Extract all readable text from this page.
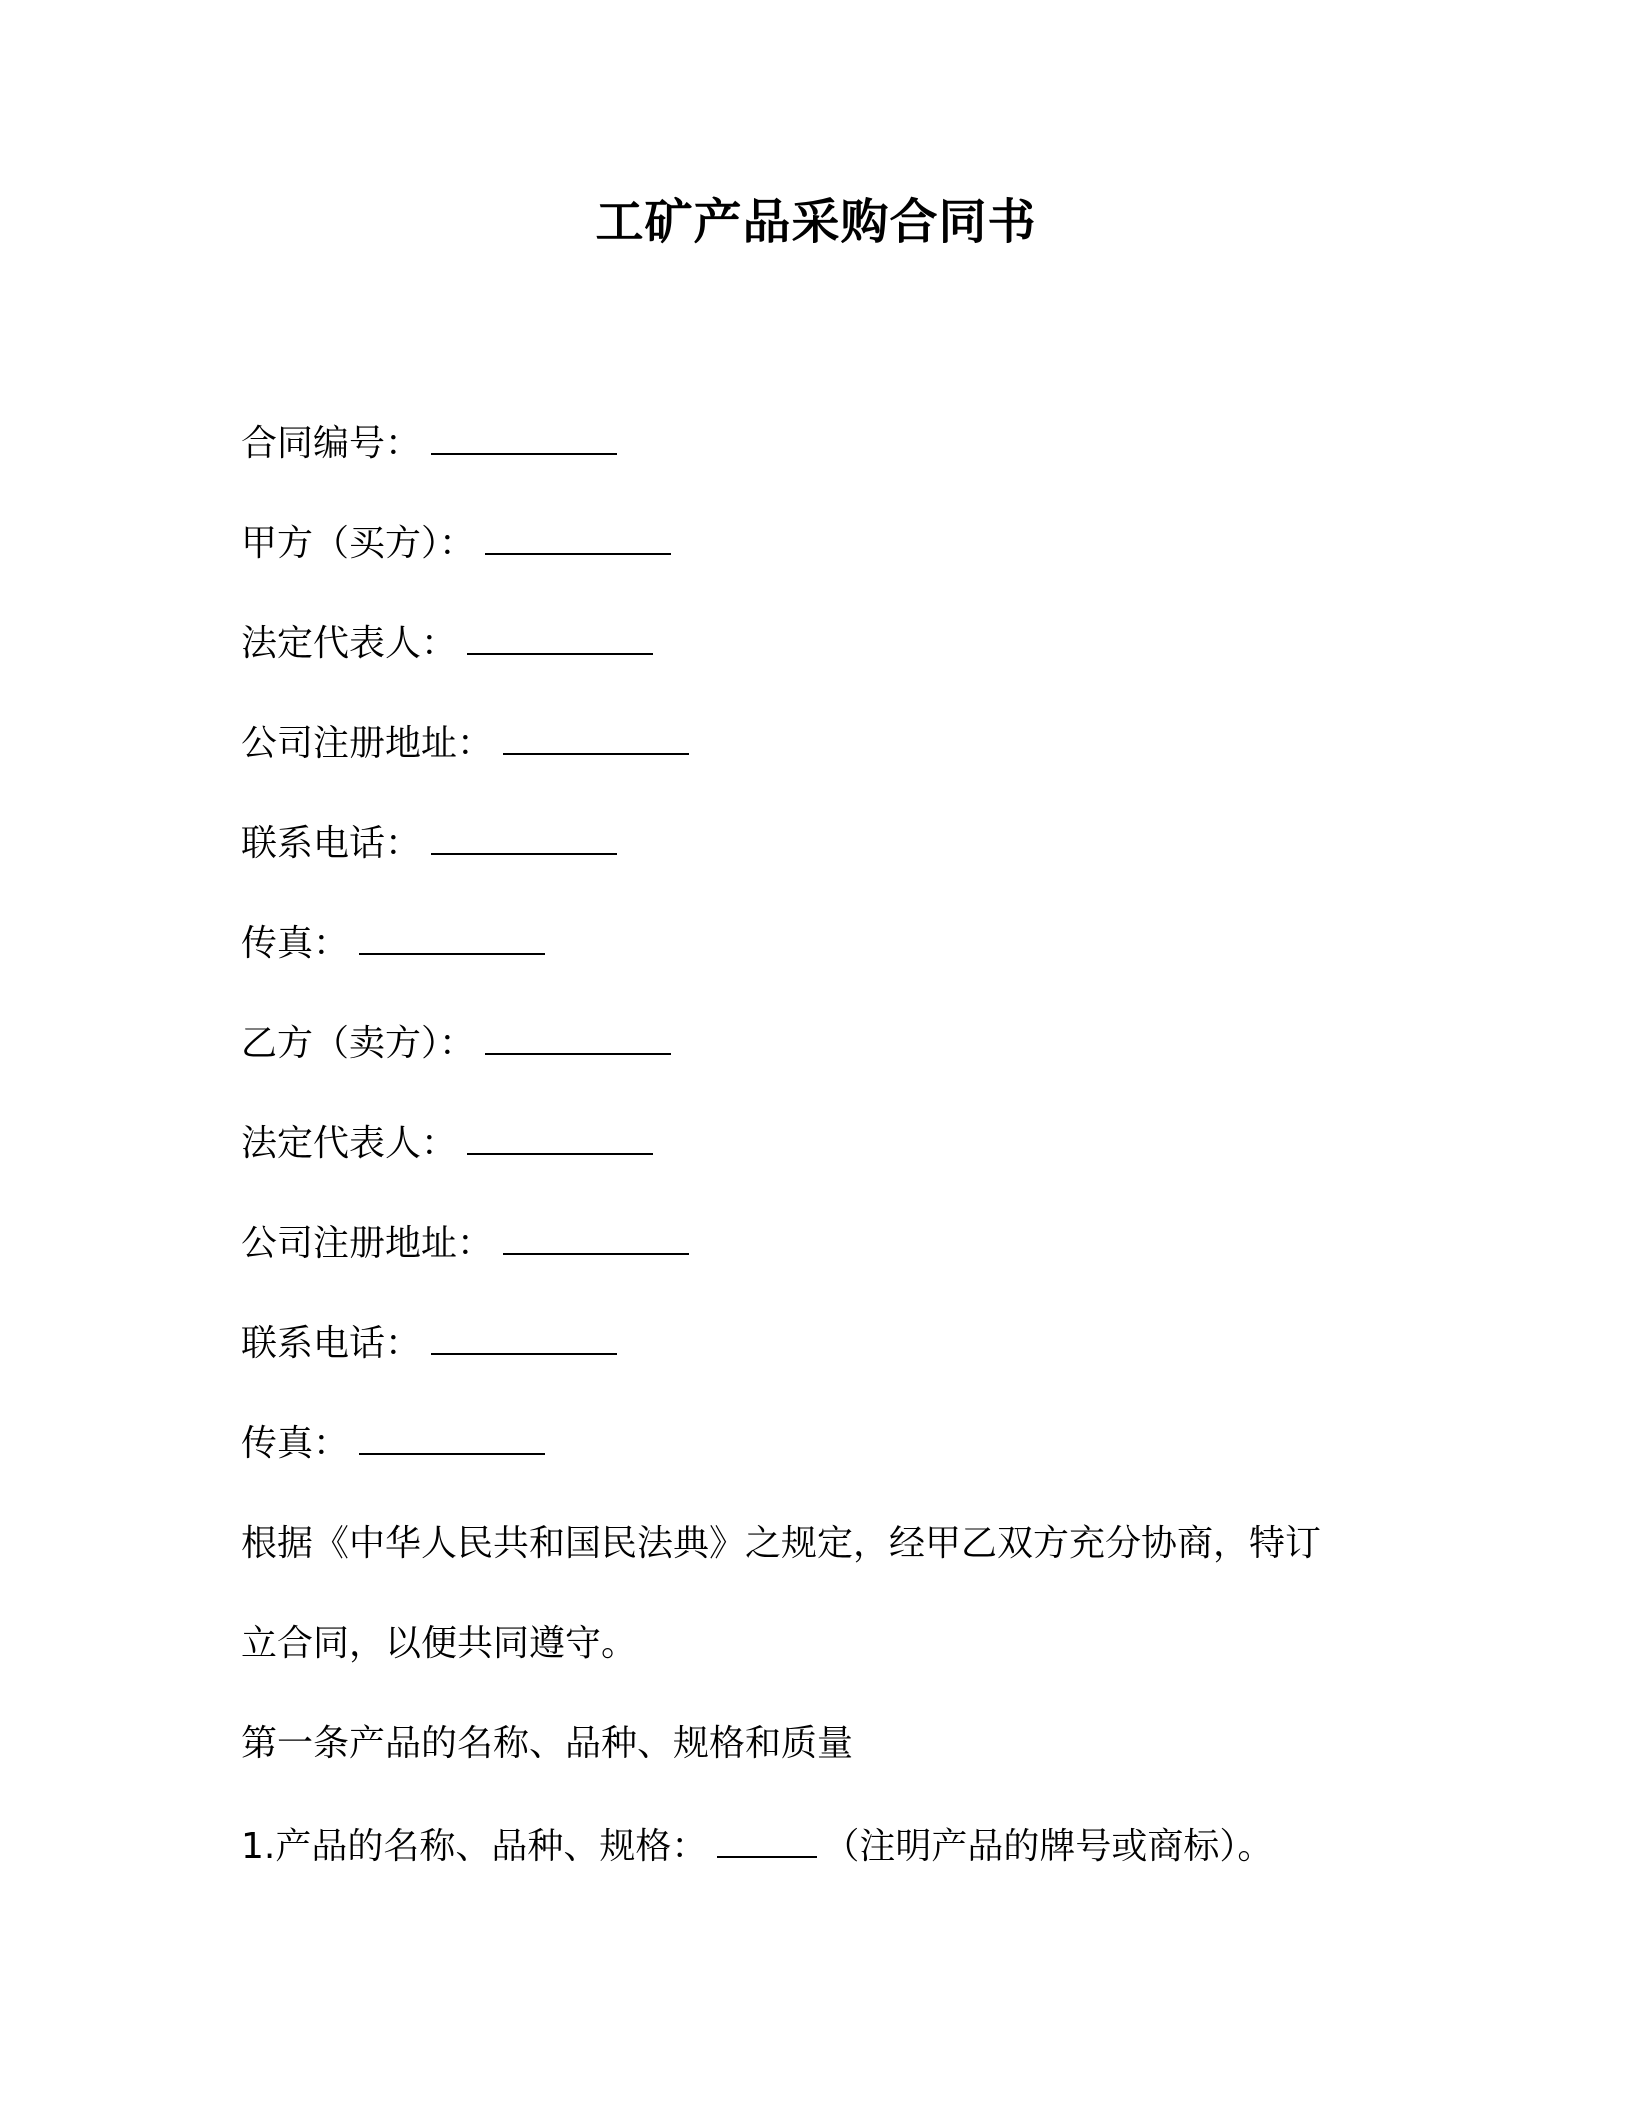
工矿产品采购合同书
合同编号：
甲方（买方）：
法定代表人：
公司注册地址：
联系电话：
传真：
乙方（卖方）：
法定代表人：
公司注册地址：
联系电话：
传真：
根据《中华人民共和国民法典》之规定，经甲乙双方充分协商，特订
立合同，以便共同遵守。
第一条产品的名称、品种、规格和质量
1.产品的名称、品种、规格：	（注明产品的牌号或商标）。
